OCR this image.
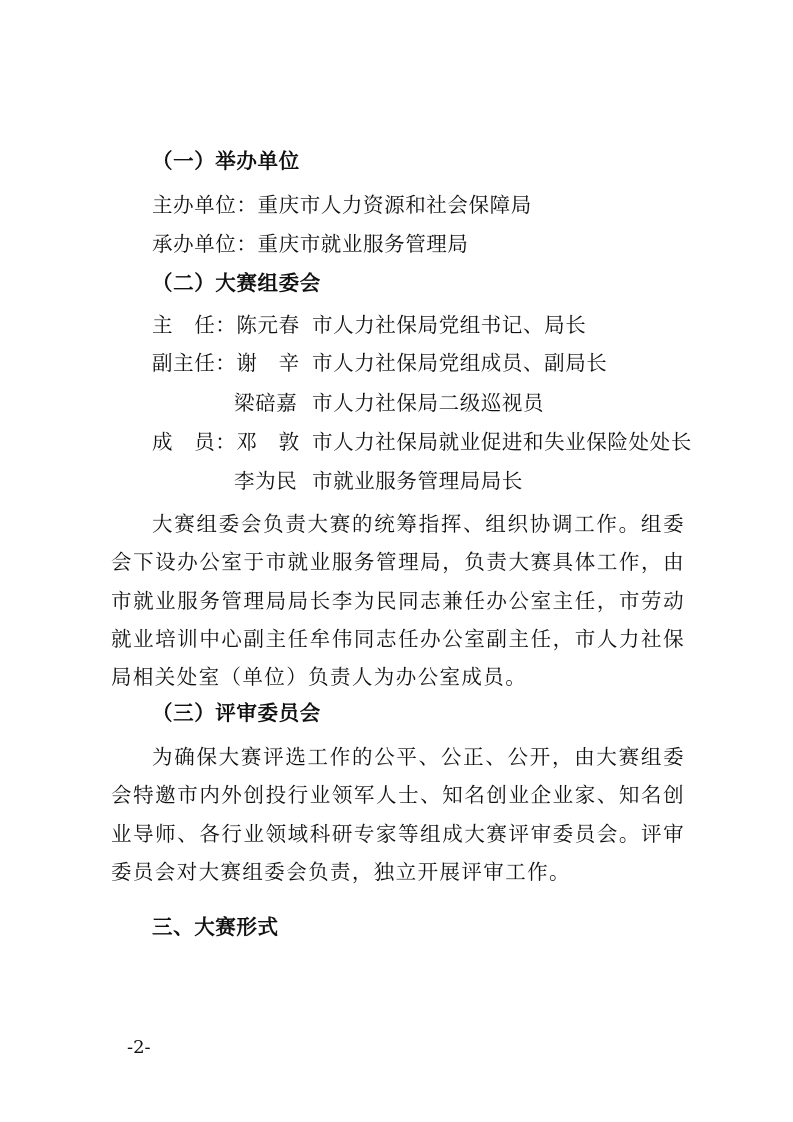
（一）举办单位
主办单位：重庆市人力资源和社会保障局
承办单位：重庆市就业服务管理局
（二）大赛组委会
主　任：陈元春 市人力社保局党组书记、局长
副主任：谢　辛 市人力社保局党组成员、副局长
梁碚嘉 市人力社保局二级巡视员
成　员：邓　敦 市人力社保局就业促进和失业保险处处长
李为民 市就业服务管理局局长
大赛组委会负责大赛的统筹指挥、组织协调工作。组委会下设办公室于市就业服务管理局，负责大赛具体工作，由市就业服务管理局局长李为民同志兼任办公室主任，市劳动就业培训中心副主任牟伟同志任办公室副主任，市人力社保局相关处室（单位）负责人为办公室成员。
（三）评审委员会
为确保大赛评选工作的公平、公正、公开，由大赛组委会特邀市内外创投行业领军人士、知名创业企业家、知名创业导师、各行业领域科研专家等组成大赛评审委员会。评审委员会对大赛组委会负责，独立开展评审工作。
三、大赛形式
-2-
